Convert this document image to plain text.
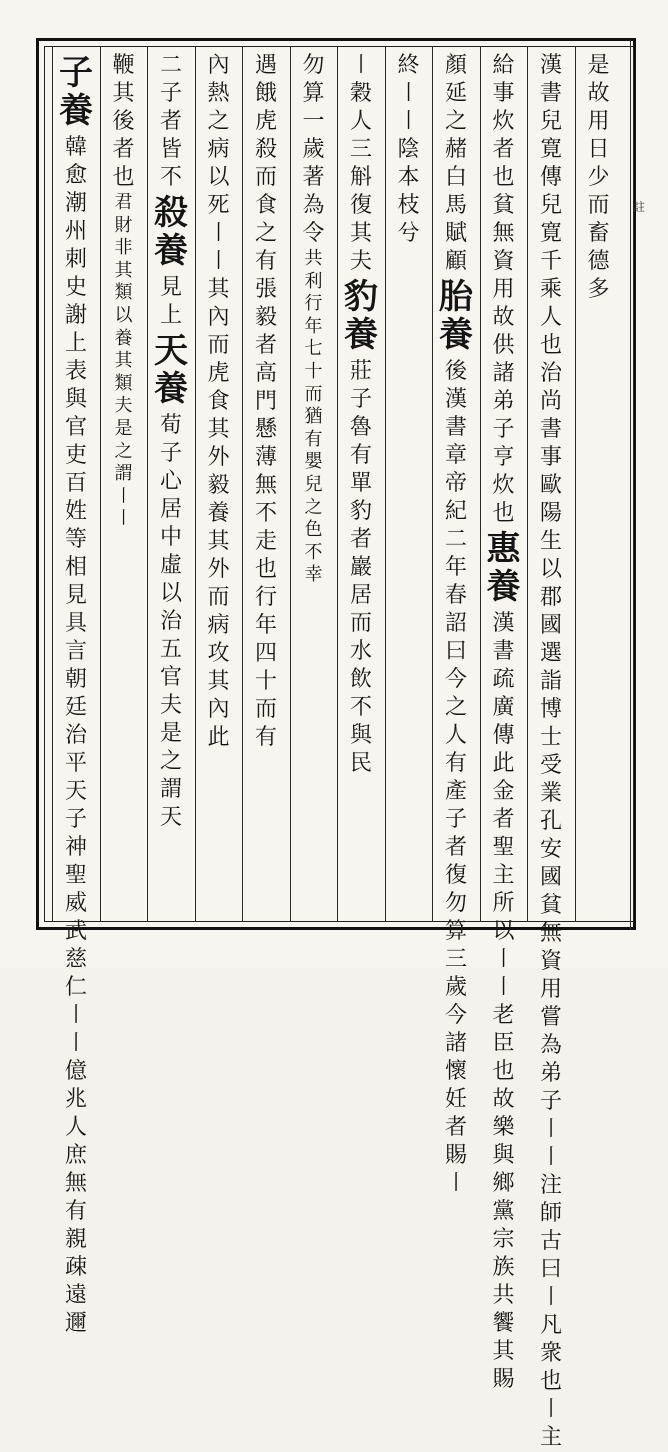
註
是故用日少而畜德多
漢書兒寛傳兒寛千乘人也治尚書事歐陽生以郡國選詣博士受業孔安國貧無資用嘗為弟子〡〡注師古曰〡凡衆也〡主
給事炊者也貧無資用故供諸弟子亨炊也
惠養
漢書疏廣傳此金者聖主所以〡〡老臣也故樂與鄉黨宗族共饗其賜
顏延之赭白馬賦顧
胎養
後漢書章帝紀二年春詔曰今之人有產子者復勿算三歲今諸懷妊者賜〡
終〡〡陰本枝兮
〡穀人三斛復其夫
豹養
莊子魯有單豹者巖居而水飲不與民
勿算一歲著為令
共利行年七十而猶有嬰兒之色不幸
遇餓虎殺而食之有張毅者高門懸薄無不走也行年四十而有
內熱之病以死〡〡其內而虎食其外毅養其外而病攻其內此
二子者皆不
殺養
見上
天養
荀子心居中虛以治五官夫是之謂天
鞭其後者也
君財非其類以養其類夫是之謂〡〡
子養
韓愈潮州刺史謝上表與官吏百姓等相見具言朝廷治平天子神聖威武慈仁〡〡億兆人庶無有親疎遠邇
